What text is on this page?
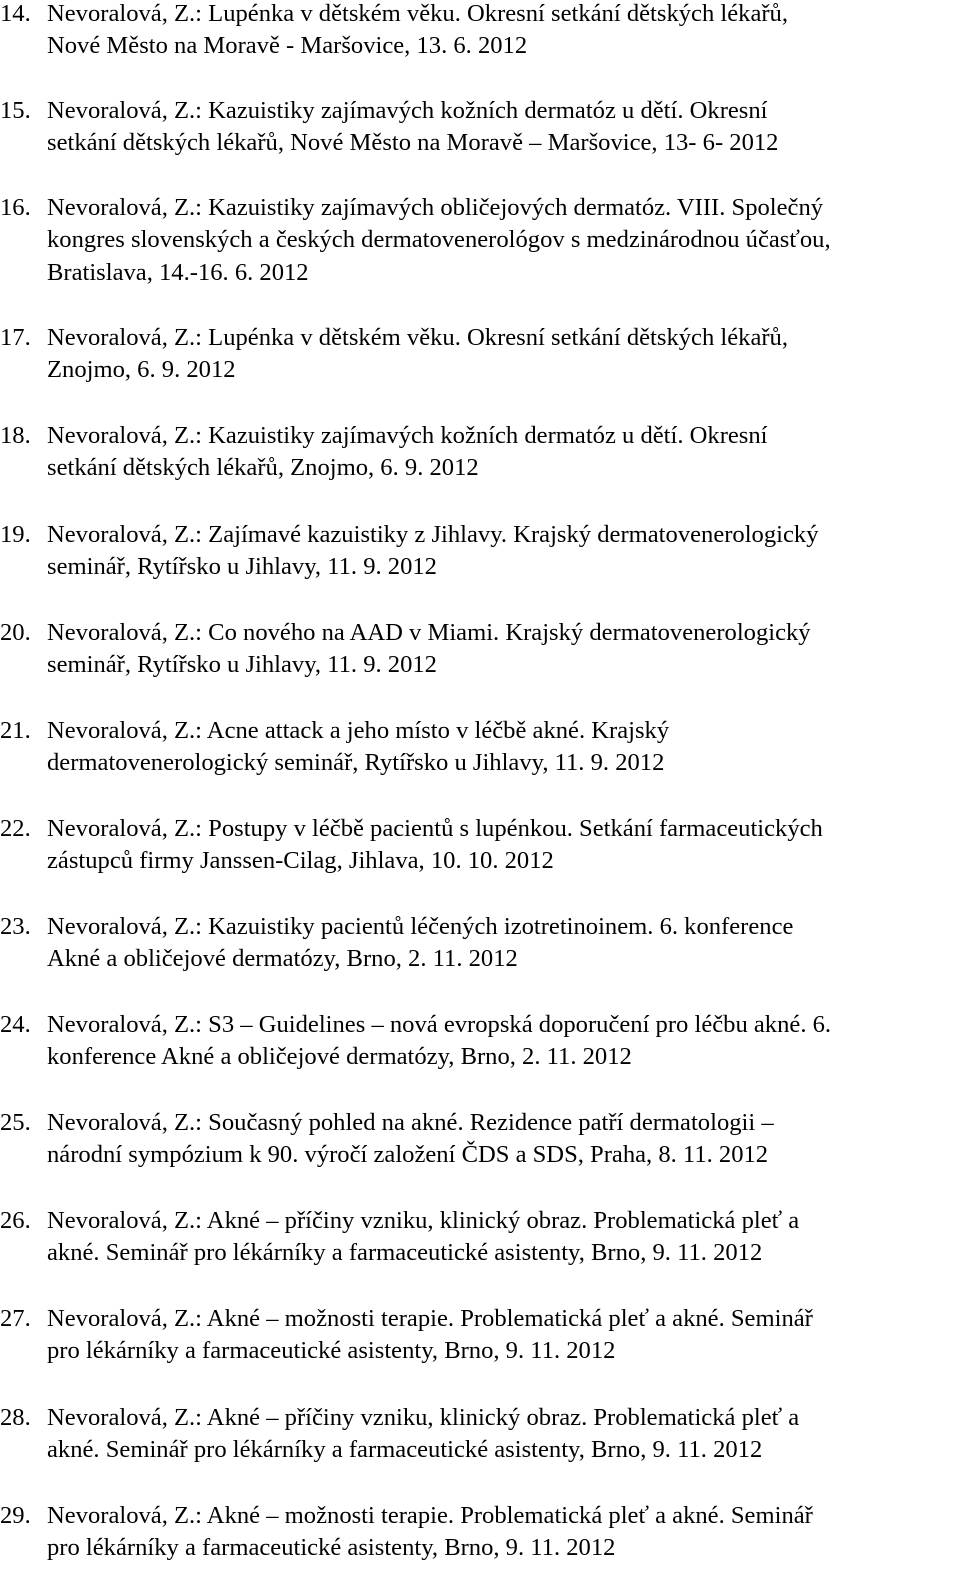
14. Nevoralová, Z.: Lupénka v dětském věku. Okresní setkání dětských lékařů,
Nové Město na Moravě - Maršovice, 13. 6. 2012
15. Nevoralová, Z.: Kazuistiky zajímavých kožních dermatóz u dětí. Okresní
setkání dětských lékařů, Nové Město na Moravě – Maršovice, 13- 6- 2012
16. Nevoralová, Z.: Kazuistiky zajímavých obličejových dermatóz. VIII. Společný
kongres slovenských a českých dermatovenerológov s medzinárodnou účasťou,
Bratislava, 14.-16. 6. 2012
17. Nevoralová, Z.: Lupénka v dětském věku. Okresní setkání dětských lékařů,
Znojmo, 6. 9. 2012
18. Nevoralová, Z.: Kazuistiky zajímavých kožních dermatóz u dětí. Okresní
setkání dětských lékařů, Znojmo, 6. 9. 2012
19. Nevoralová, Z.: Zajímavé kazuistiky z Jihlavy. Krajský dermatovenerologický
seminář, Rytířsko u Jihlavy, 11. 9. 2012
20. Nevoralová, Z.: Co nového na AAD v Miami. Krajský dermatovenerologický
seminář, Rytířsko u Jihlavy, 11. 9. 2012
21. Nevoralová, Z.: Acne attack a jeho místo v léčbě akné. Krajský
dermatovenerologický seminář, Rytířsko u Jihlavy, 11. 9. 2012
22. Nevoralová, Z.: Postupy v léčbě pacientů s lupénkou. Setkání farmaceutických
zástupců firmy Janssen-Cilag, Jihlava, 10. 10. 2012
23. Nevoralová, Z.: Kazuistiky pacientů léčených izotretinoinem. 6. konference
Akné a obličejové dermatózy, Brno, 2. 11. 2012
24. Nevoralová, Z.: S3 – Guidelines – nová evropská doporučení pro léčbu akné. 6.
konference Akné a obličejové dermatózy, Brno, 2. 11. 2012
25. Nevoralová, Z.: Současný pohled na akné. Rezidence patří dermatologii –
národní sympózium k 90. výročí založení ČDS a SDS, Praha, 8. 11. 2012
26. Nevoralová, Z.: Akné – příčiny vzniku, klinický obraz. Problematická pleť a
akné. Seminář pro lékárníky a farmaceutické asistenty, Brno, 9. 11. 2012
27. Nevoralová, Z.: Akné – možnosti terapie. Problematická pleť a akné. Seminář
pro lékárníky a farmaceutické asistenty, Brno, 9. 11. 2012
28. Nevoralová, Z.: Akné – příčiny vzniku, klinický obraz. Problematická pleť a
akné. Seminář pro lékárníky a farmaceutické asistenty, Brno, 9. 11. 2012
29. Nevoralová, Z.: Akné – možnosti terapie. Problematická pleť a akné. Seminář
pro lékárníky a farmaceutické asistenty, Brno, 9. 11. 2012
